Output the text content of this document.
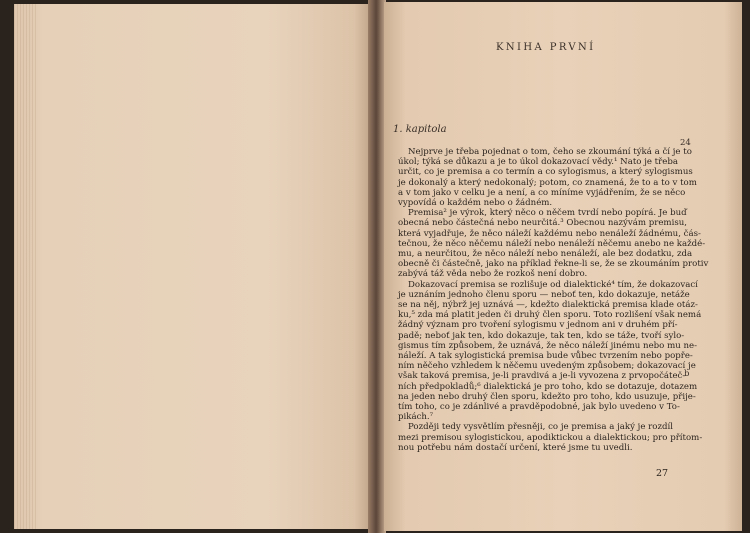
KNIHA PRVNÍ
1. kapitola
24
b
Nejprve je třeba pojednat o tom, čeho se zkoumání týká a čí je to
úkol; týká se důkazu a je to úkol dokazovací vědy.¹ Nato je třeba
určit, co je premisa a co termín a co sylogismus, a který sylogismus
je dokonalý a který nedokonalý; potom, co znamená, že to a to v tom
a v tom jako v celku je a není, a co míníme vyjádřením, že se něco
vypovídá o každém nebo o žádném.
Premisa² je výrok, který něco o něčem tvrdí nebo popírá. Je buď
obecná nebo částečná nebo neurčitá.³ Obecnou nazývám premisu,
která vyjadřuje, že něco náleží každému nebo nenáleží žádnému, čás-
tečnou, že něco něčemu náleží nebo nenáleží něčemu anebo ne každé-
mu, a neurčitou, že něco náleží nebo nenáleží, ale bez dodatku, zda
obecně či částečně, jako na příklad řekne-li se, že se zkoumáním protiv
zabývá táž věda nebo že rozkoš není dobro.
Dokazovací premisa se rozlišuje od dialektické⁴ tím, že dokazovací
je uznáním jednoho členu sporu — neboť ten, kdo dokazuje, netáže
se na něj, nýbrž jej uznává —, kdežto dialektická premisa klade otáz-
ku,⁵ zda má platit jeden či druhý člen sporu. Toto rozlišení však nemá
žádný význam pro tvoření sylogismu v jednom ani v druhém pří-
padě; neboť jak ten, kdo dokazuje, tak ten, kdo se táže, tvoří sylo-
gismus tím způsobem, že uznává, že něco náleží jinému nebo mu ne-
náleží. A tak sylogistická premisa bude vůbec tvrzením nebo popře-
ním něčeho vzhledem k něčemu uvedeným způsobem; dokazovací je
však taková premisa, je-li pravdivá a je-li vyvozena z prvopočáteč-
ních předpokladů;⁶ dialektická je pro toho, kdo se dotazuje, dotazem
na jeden nebo druhý člen sporu, kdežto pro toho, kdo usuzuje, přije-
tím toho, co je zdánlivé a pravděpodobné, jak bylo uvedeno v To-
pikách.⁷
Později tedy vysvětlím přesněji, co je premisa a jaký je rozdíl
mezi premisou sylogistickou, apodiktickou a dialektickou; pro přítom-
nou potřebu nám dostačí určení, které jsme tu uvedli.
27
